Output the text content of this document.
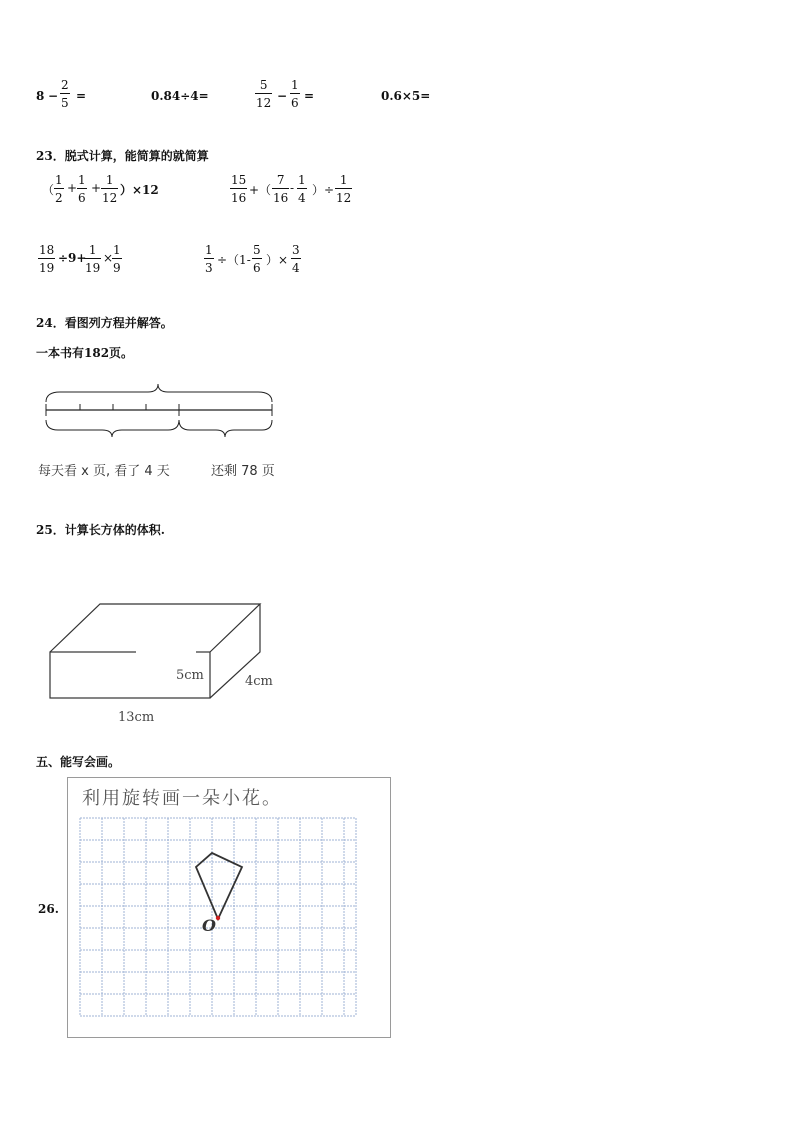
8 −
2
5 =	0.84÷4=
5
12 −
1
6 =	0.6×5=
23．脱式计算，能简算的就简算
（
1
2
+
1
6
+
1
12
）×12
15
16
+（
7
16
-
1
4
）÷
1
12
18
19
÷9+
1
19
×
1
9
1
3
÷（1-
5
6
）×
3
4
24．看图列方程并解答。
一本书有182页。
每天看 x 页, 看了 4 天	还剩 78 页
25．计算长方体的体积.
5cm	4cm
13cm
五、能写会画。
26.
利用旋转画一朵小花。
O
